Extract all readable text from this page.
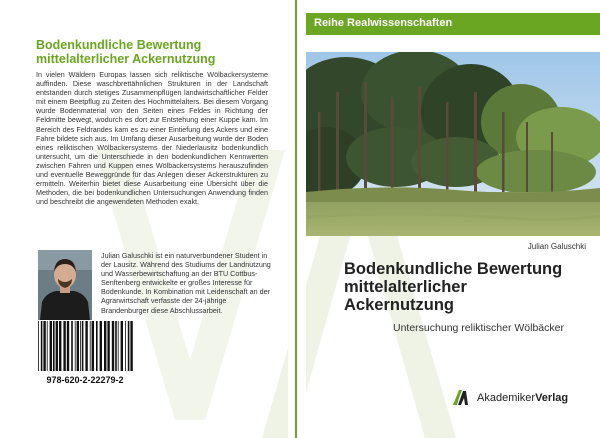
Bodenkundliche Bewertung
mittelalterlicher Ackernutzung
In vielen Wäldern Europas lassen sich reliktische Wölbackersysteme auffinden. Diese waschbrettähnlichen Strukturen in der Landschaft entstanden durch stetiges Zusammenpflügen landwirtschaftlicher Felder mit einem Beetpflug zu Zeiten des Hochmittelalters. Bei diesem Vorgang wurde Bodenmaterial von den Seiten eines Feldes in Richtung der Feldmitte bewegt, wodurch es dort zur Entstehung einer Kuppe kam. Im Bereich des Feldrandes kam es zu einer Eintiefung des Ackers und eine Fahre bildete sich aus. Im Umfang dieser Ausarbeitung wurde der Boden eines reliktischen Wölbackersystems der Niederlausitz bodenkundlich untersucht, um die Unterschiede in den bodenkundlichen Kennwerten zwischen Fahren und Kuppen eines Wölbackersystems herauszufinden und eventuelle Beweggründe für das Anlegen dieser Ackerstrukturen zu ermitteln. Weiterhin bietet diese Ausarbeitung eine Übersicht über die Methoden, die bei bodenkundlichen Untersuchungen Anwendung finden und beschreibt die angewendeten Methoden exakt.
Julian Galuschki ist ein naturverbundener Student in der Lausitz. Während des Studiums der Landnutzung und Wasserbewirtschaftung an der BTU Cottbus-Senftenberg entwickelte er großes Interesse für Bodenkunde. In Kombination mit Leidenschaft an der Agrarwirtschaft verfasste der 24-jährige Brandenburger diese Abschlussarbeit.
978-620-2-22279-2
Reihe Realwissenschaften
Julian Galuschki
Bodenkundliche Bewertung
mittelalterlicher
Ackernutzung
Untersuchung reliktischer Wölbäcker
AkademikerVerlag
